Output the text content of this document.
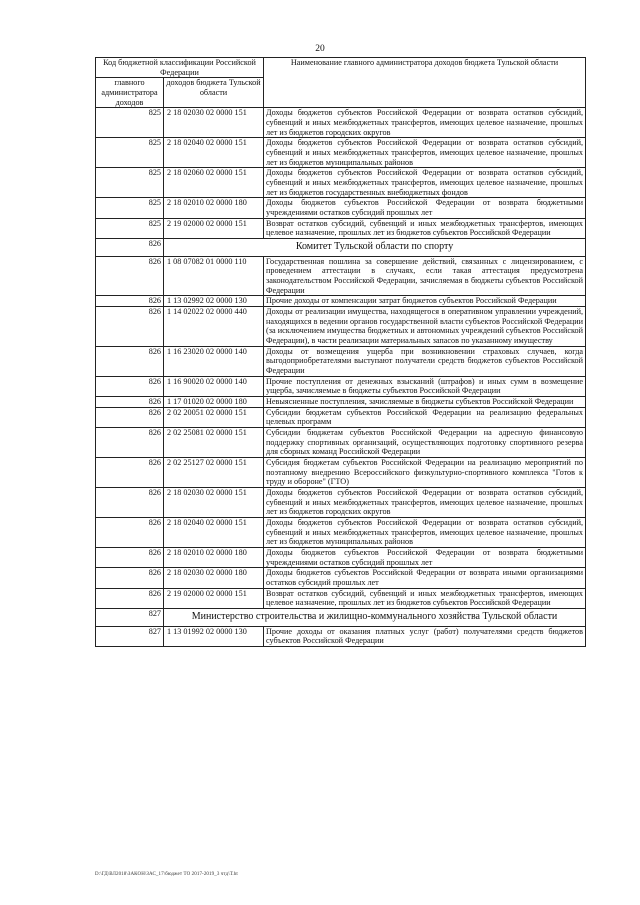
20
Код бюджетной классификации Российской Федерации		Наименование главного администратора доходов бюджета Тульской области
главного администратора доходов	доходов бюджета Тульской области	
825	2 18 02030 02 0000 151	Доходы бюджетов субъектов Российской Федерации от возврата остатков субсидий, субвенций и иных межбюджетных трансфертов, имеющих целевое назначение, прошлых лет из бюджетов городских округов
825	2 18 02040 02 0000 151	Доходы бюджетов субъектов Российской Федерации от возврата остатков субсидий, субвенций и иных межбюджетных трансфертов, имеющих целевое назначение, прошлых лет из бюджетов муниципальных районов
825	2 18 02060 02 0000 151	Доходы бюджетов субъектов Российской Федерации от возврата остатков субсидий, субвенций и иных межбюджетных трансфертов, имеющих целевое назначение, прошлых лет из бюджетов государственных внебюджетных фондов
825	2 18 02010 02 0000 180	Доходы бюджетов субъектов Российской Федерации от возврата бюджетными учреждениями остатков субсидий прошлых лет
825	2 19 02000 02 0000 151	Возврат остатков субсидий, субвенций и иных межбюджетных трансфертов, имеющих целевое назначение, прошлых лет из бюджетов субъектов Российской Федерации
826	Комитет Тульской области по спорту	
826	1 08 07082 01 0000 110	Государственная пошлина за совершение действий, связанных с лицензированием, с проведением аттестации в случаях, если такая аттестация предусмотрена законодательством Российской Федерации, зачисляемая в бюджеты субъектов Российской Федерации
826	1 13 02992 02 0000 130	Прочие доходы от компенсации затрат бюджетов субъектов Российской Федерации
826	1 14 02022 02 0000 440	Доходы от реализации имущества, находящегося в оперативном управлении учреждений, находящихся в ведении органов государственной власти субъектов Российской Федерации (за исключением имущества бюджетных и автономных учреждений субъектов Российской Федерации), в части реализации материальных запасов по указанному имуществу
826	1 16 23020 02 0000 140	Доходы от возмещения ущерба при возникновении страховых случаев, когда выгодоприобретателями выступают получатели средств бюджетов субъектов Российской Федерации
826	1 16 90020 02 0000 140	Прочие поступления от денежных взысканий (штрафов) и иных сумм в возмещение ущерба, зачисляемые в бюджеты субъектов Российской Федерации
826	1 17 01020 02 0000 180	Невыясненные поступления, зачисляемые в бюджеты субъектов Российской Федерации
826	2 02 20051 02 0000 151	Субсидии бюджетам субъектов Российской Федерации на реализацию федеральных целевых программ
826	2 02 25081 02 0000 151	Субсидии бюджетам субъектов Российской Федерации на адресную финансовую поддержку спортивных организаций, осуществляющих подготовку спортивного резерва для сборных команд Российской Федерации
826	2 02 25127 02 0000 151	Субсидия бюджетам субъектов Российской Федерации на реализацию мероприятий по поэтапному внедрению Всероссийского физкультурно-спортивного комплекса "Готов к труду и обороне" (ГТО)
826	2 18 02030 02 0000 151	Доходы бюджетов субъектов Российской Федерации от возврата остатков субсидий, субвенций и иных межбюджетных трансфертов, имеющих целевое назначение, прошлых лет из бюджетов городских округов
826	2 18 02040 02 0000 151	Доходы бюджетов субъектов Российской Федерации от возврата остатков субсидий, субвенций и иных межбюджетных трансфертов, имеющих целевое назначение, прошлых лет из бюджетов муниципальных районов
826	2 18 02010 02 0000 180	Доходы бюджетов субъектов Российской Федерации от возврата бюджетными учреждениями остатков субсидий прошлых лет
826	2 18 02030 02 0000 180	Доходы бюджетов субъектов Российской Федерации от возврата иными организациями остатков субсидий прошлых лет
826	2 19 02000 02 0000 151	Возврат остатков субсидий, субвенций и иных межбюджетных трансфертов, имеющих целевое назначение, прошлых лет из бюджетов субъектов Российской Федерации
827	Министерство строительства и жилищно-коммунального хозяйства Тульской области	
827	1 13 01992 02 0000 130	Прочие доходы от оказания платных услуг (работ) получателями средств бюджетов субъектов Российской Федерации
D:\ГД\ВЛ2018\ЗАКОН\ЗАС_17\бюджет ТО 2017-2019_3 чтд\Т.ht
